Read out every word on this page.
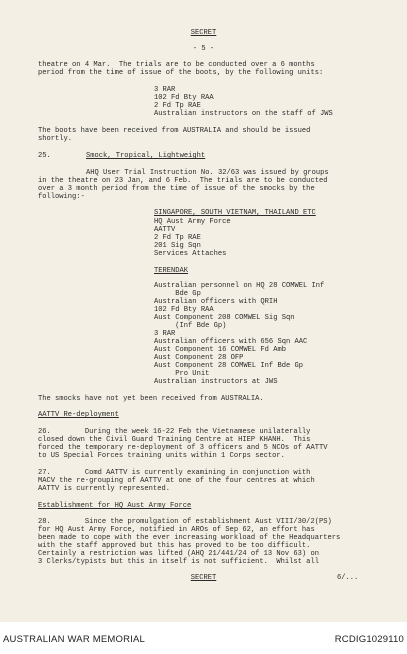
SECRET
- 5 -
theatre on 4 Mar.  The trials are to be conducted over a 6 months
period from the time of issue of the boots, by the following units:
3 RAR
102 Fd Bty RAA
2 Fd Tp RAE
Australian instructors on the staff of JWS
The boots have been received from AUSTRALIA and should be issued
shortly.
25.	Smock, Tropical, Lightweight
AHQ User Trial Instruction No. 32/63 was issued by groups
in the theatre on 23 Jan, and 6 Feb.  The trials are to be conducted
over a 3 month period from the time of issue of the smocks by the
following:-
SINGAPORE, SOUTH VIETNAM, THAILAND ETC
HQ Aust Army Force
AATTV
2 Fd Tp RAE
201 Sig Sqn
Services Attaches
TERENDAK
Australian personnel on HQ 28 COMWEL Inf
Bde Gp
Australian officers with QRIH
102 Fd Bty RAA
Aust Component 208 COMWEL Sig Sqn
(Inf Bde Gp)
3 RAR
Australian officers with 656 Sqn AAC
Aust Component 16 COMWEL Fd Amb
Aust Component 28 OFP
Aust Component 28 COMWEL Inf Bde Gp
Pro Unit
Australian instructors at JWS
The smocks have not yet been received from AUSTRALIA.
AATTV Re-deployment
26.        During the week 16-22 Feb the Vietnamese unilaterally
closed down the Civil Guard Training Centre at HIEP KHANH.  This
forced the temporary re-deployment of 3 officers and 5 NCOs of AATTV
to US Special Forces training units within 1 Corps sector.
27.        Comd AATTV is currently examining in conjunction with
MACV the re-grouping of AATTV at one of the four centres at which
AATTV is currently represented.
Establishment for HQ Aust Army Force
28.        Since the promulgation of establishment Aust VIII/30/2(PS)
for HQ Aust Army Force, notified in AROs of Sep 62, an effort has
been made to cope with the ever increasing workload of the Headquarters
with the staff approved but this has proved to be too difficult.
Certainly a restriction was lifted (AHQ 21/441/24 of 13 Nov 63) on
3 Clerks/typists but this in itself is not sufficient.  Whilst all
SECRET	6/...
AUSTRALIAN WAR MEMORIAL	RCDIG1029110
